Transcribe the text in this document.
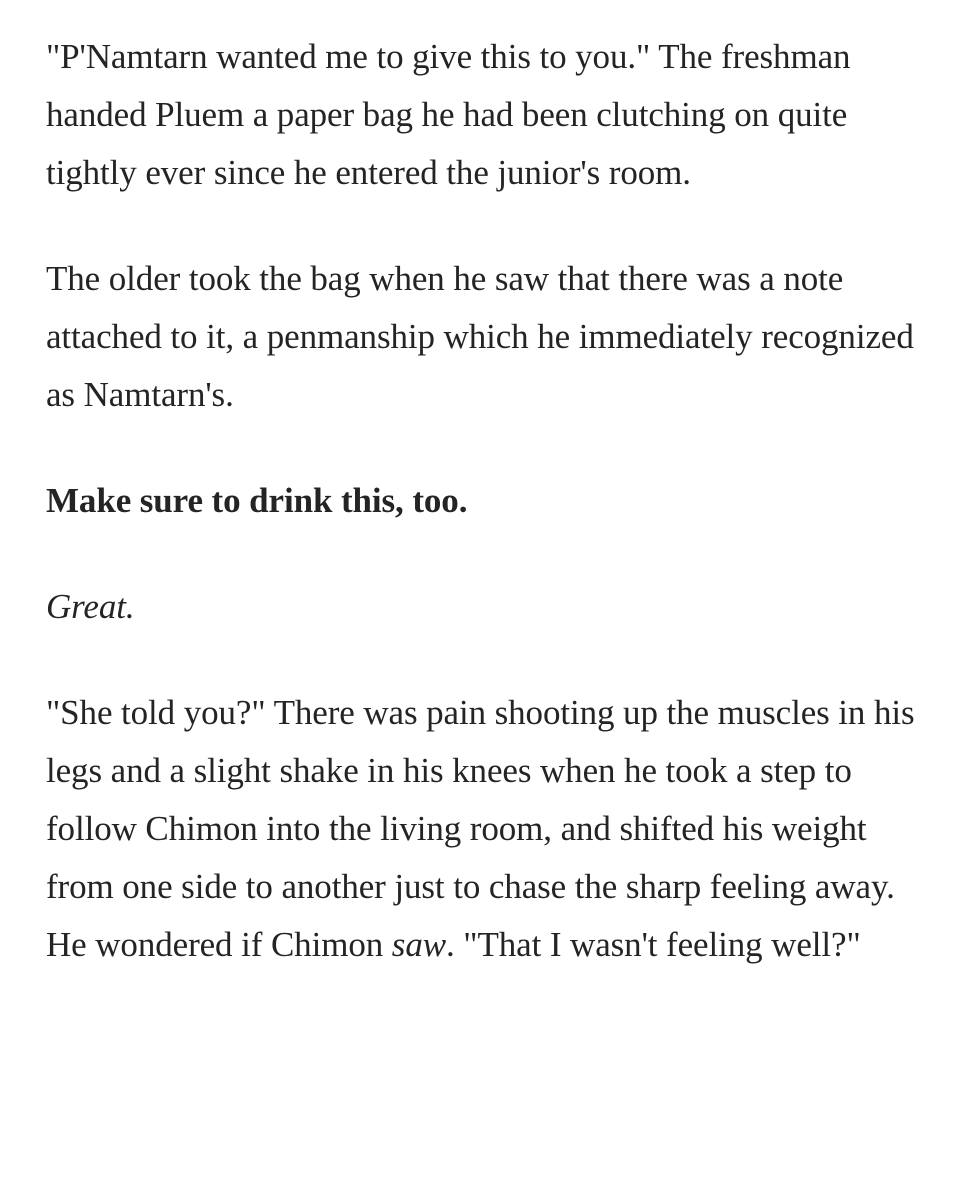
"P'Namtarn wanted me to give this to you." The freshman handed Pluem a paper bag he had been clutching on quite tightly ever since he entered the junior's room.

The older took the bag when he saw that there was a note attached to it, a penmanship which he immediately recognized as Namtarn's.

Make sure to drink this, too.

Great.

"She told you?" There was pain shooting up the muscles in his legs and a slight shake in his knees when he took a step to follow Chimon into the living room, and shifted his weight from one side to another just to chase the sharp feeling away. He wondered if Chimon saw. "That I wasn't feeling well?"
